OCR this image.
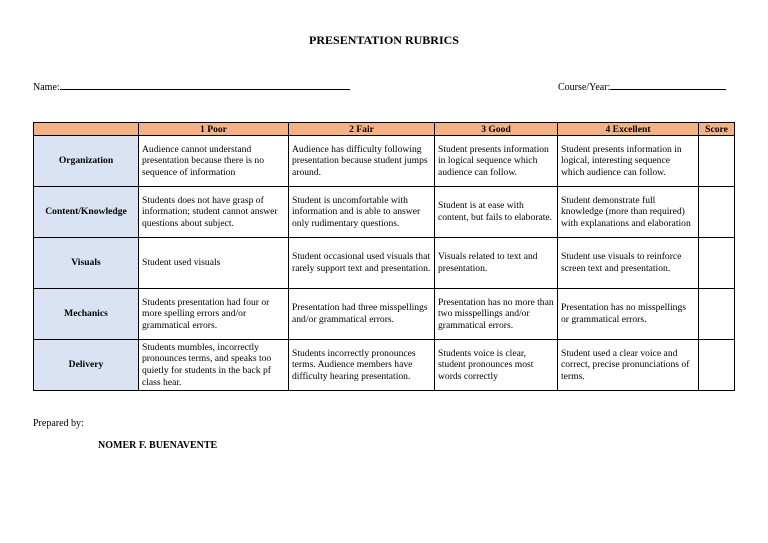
PRESENTATION RUBRICS
Name:	Course/Year:
	1 Poor	2 Fair	3 Good	4 Excellent	Score
Organization	Audience cannot understand presentation because there is no sequence of information	Audience has difficulty following presentation because student jumps around.	Student presents information in logical sequence which audience can follow.	Student presents information in logical, interesting sequence which audience can follow.	
Content/Knowledge	Students does not have grasp of information; student cannot answer questions about subject.	Student is uncomfortable with information and is able to answer only rudimentary questions.	Student is at ease with content, but fails to elaborate.	Student demonstrate full knowledge (more than required) with explanations and elaboration	
Visuals	Student used visuals	Student occasional used visuals that rarely support text and presentation.	Visuals related to text and presentation.	Student use visuals to reinforce screen text and presentation.	
Mechanics	Students presentation had four or more spelling errors and/or grammatical errors.	Presentation had three misspellings and/or grammatical errors.	Presentation has no more than two misspellings and/or grammatical errors.	Presentation has no misspellings or grammatical errors.	
Delivery	Students mumbles, incorrectly pronounces terms, and speaks too quietly for students in the back pf class hear.	Students incorrectly pronounces terms. Audience members have difficulty hearing presentation.	Students voice is clear, student pronounces most words correctly	Student used a clear voice and correct, precise pronunciations of terms.	
Prepared by:
NOMER F. BUENAVENTE
